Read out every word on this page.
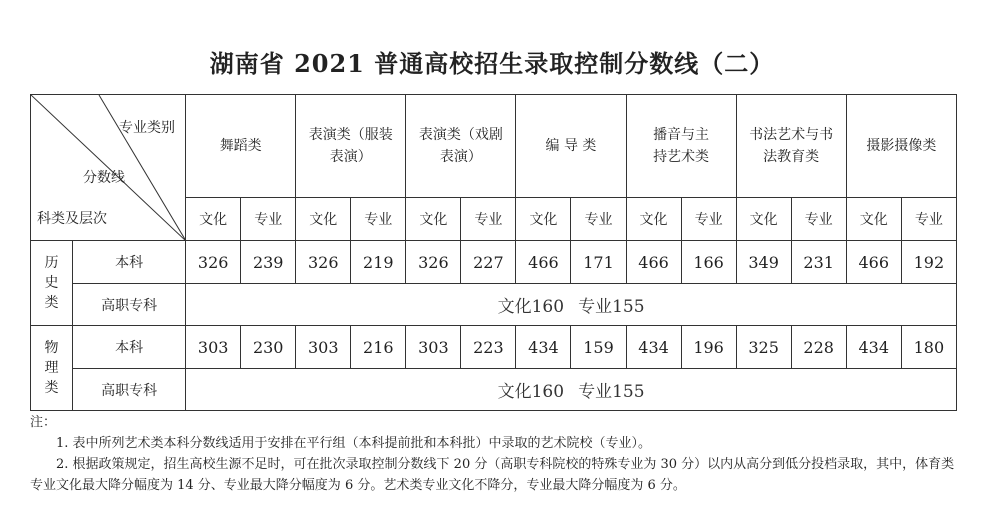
湖南省 2021 普通高校招生录取控制分数线（二）
专业类别
分数线
科类及层次		舞蹈类		表演类（服装表演）		表演类（戏剧表演）		编 导 类		播音与主持艺术类		书法艺术与书法教育类		摄影摄像类	
		文化	专业	文化	专业	文化	专业	文化	专业	文化	专业	文化	专业	文化	专业
历史类	本科	326	239	326	219	326	227	466	171	466	166	349	231	466	192
	高职专科	文化160 专业155													
物理类	本科	303	230	303	216	303	223	434	159	434	196	325	228	434	180
	高职专科	文化160 专业155													
注：
1. 表中所列艺术类本科分数线适用于安排在平行组（本科提前批和本科批）中录取的艺术院校（专业）。
2. 根据政策规定，招生高校生源不足时，可在批次录取控制分数线下 20 分（高职专科院校的特殊专业为 30 分）以内从高分到低分投档录取，其中，体育类专业文化最大降分幅度为 14 分、专业最大降分幅度为 6 分。艺术类专业文化不降分，专业最大降分幅度为 6 分。
